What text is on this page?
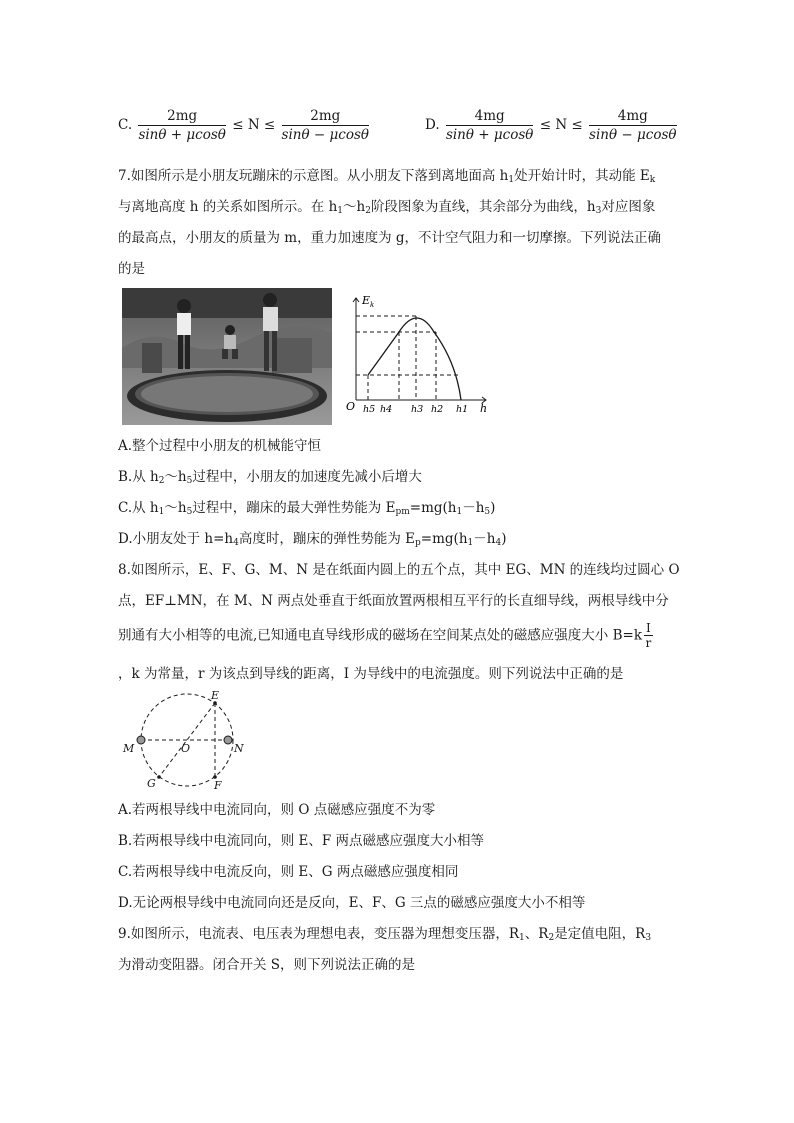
C. $\frac{2mg}{\sin\theta + \mu\cos\theta} \le N \le \frac{2mg}{\sin\theta - \mu\cos\theta}$	D. $\frac{4mg}{\sin\theta + \mu\cos\theta} \le N \le \frac{4mg}{\sin\theta - \mu\cos\theta}$
7.如图所示是小朋友玩蹦床的示意图。从小朋友下落到离地面高 $h_1$处开始计时，其动能 $E_k$
与离地高度 h 的关系如图所示。在 $h_1\sim h_2$阶段图象为直线，其余部分为曲线，$h_3$对应图象
的最高点，小朋友的质量为 m，重力加速度为 g，不计空气阻力和一切摩擦。下列说法正确
的是
E k
O	h
h5 h4 h3 h2 h1
A.整个过程中小朋友的机械能守恒
B.从 $h_2\sim h_5$过程中，小朋友的加速度先减小后增大
C.从 $h_1\sim h_5$过程中，蹦床的最大弹性势能为 $E_{pm}=mg(h_1-h_5)$
D.小朋友处于 $h=h_4$高度时，蹦床的弹性势能为 $E_p=mg(h_1-h_4)$
8.如图所示，E、F、G、M、N 是在纸面内圆上的五个点，其中 EG、MN 的连线均过圆心 O
点，EF⊥MN，在 M、N 两点处垂直于纸面放置两根相互平行的长直细导线，两根导线中分
别通有大小相等的电流,已知通电直导线形成的磁场在空间某点处的磁感应强度大小 $B=k \frac{I}{r}$
，k 为常量，r 为该点到导线的距离，I 为导线中的电流强度。则下列说法中正确的是
E
F
G
M	N
O
A.若两根导线中电流同向，则 O 点磁感应强度不为零
B.若两根导线中电流同向，则 E、F 两点磁感应强度大小相等
C.若两根导线中电流反向，则 E、G 两点磁感应强度相同
D.无论两根导线中电流同向还是反向，E、F、G 三点的磁感应强度大小不相等
9.如图所示，电流表、电压表为理想电表，变压器为理想变压器，$R_1$、$R_2$是定值电阻，$R_3$
为滑动变阻器。闭合开关 S，则下列说法正确的是
